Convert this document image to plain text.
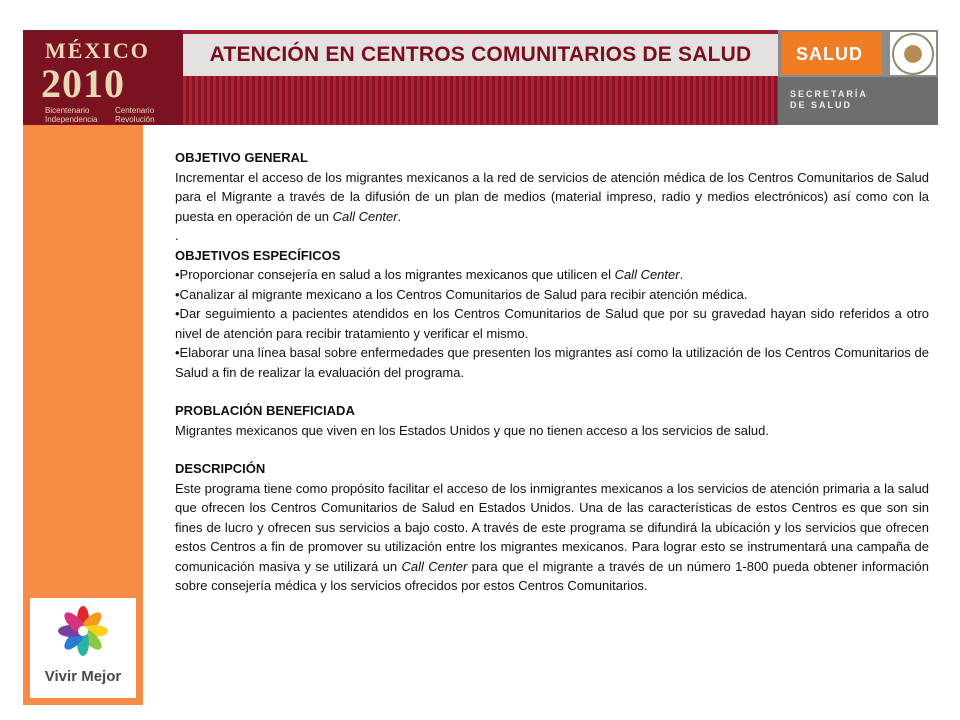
MÉXICO
2010
Bicentenario
Independencia
Centenario
Revolución
ATENCIÓN EN CENTROS COMUNITARIOS DE SALUD SALUD
SECRETARÍA
DE SALUD
Vivir Mejor

OBJETIVO GENERAL

Incrementar el acceso de los migrantes mexicanos a la red de servicios de atención médica de los Centros Comunitarios de Salud para el Migrante a través de la difusión de un plan de medios (material impreso, radio y medios electrónicos) así como con la puesta en operación de un Call Center.

.

OBJETIVOS ESPECÍFICOS

•Proporcionar consejería en salud a los migrantes mexicanos que utilicen el Call Center.

•Canalizar al migrante mexicano a los Centros Comunitarios de Salud para recibir atención médica.

•Dar seguimiento a pacientes atendidos en los Centros Comunitarios de Salud que por su gravedad hayan sido referidos a otro nivel de atención para recibir tratamiento y verificar el mismo.

•Elaborar una línea basal sobre enfermedades que presenten los migrantes así como la utilización de los Centros Comunitarios de Salud a fin de realizar la evaluación del programa.

PROBLACIÓN BENEFICIADA

Migrantes mexicanos que viven en los Estados Unidos y que no tienen acceso a los servicios de salud.

DESCRIPCIÓN

Este programa tiene como propósito facilitar el acceso de los inmigrantes mexicanos a los servicios de atención primaria a la salud que ofrecen los Centros Comunitarios de Salud en Estados Unidos. Una de las características de estos Centros es que son sin fines de lucro y ofrecen sus servicios a bajo costo. A través de este programa se difundirá la ubicación y los servicios que ofrecen estos Centros a fin de promover su utilización entre los migrantes mexicanos. Para lograr esto se instrumentará una campaña de comunicación masiva y se utilizará un Call Center para que el migrante a través de un número 1-800 pueda obtener información sobre consejería médica y los servicios ofrecidos por estos Centros Comunitarios.
